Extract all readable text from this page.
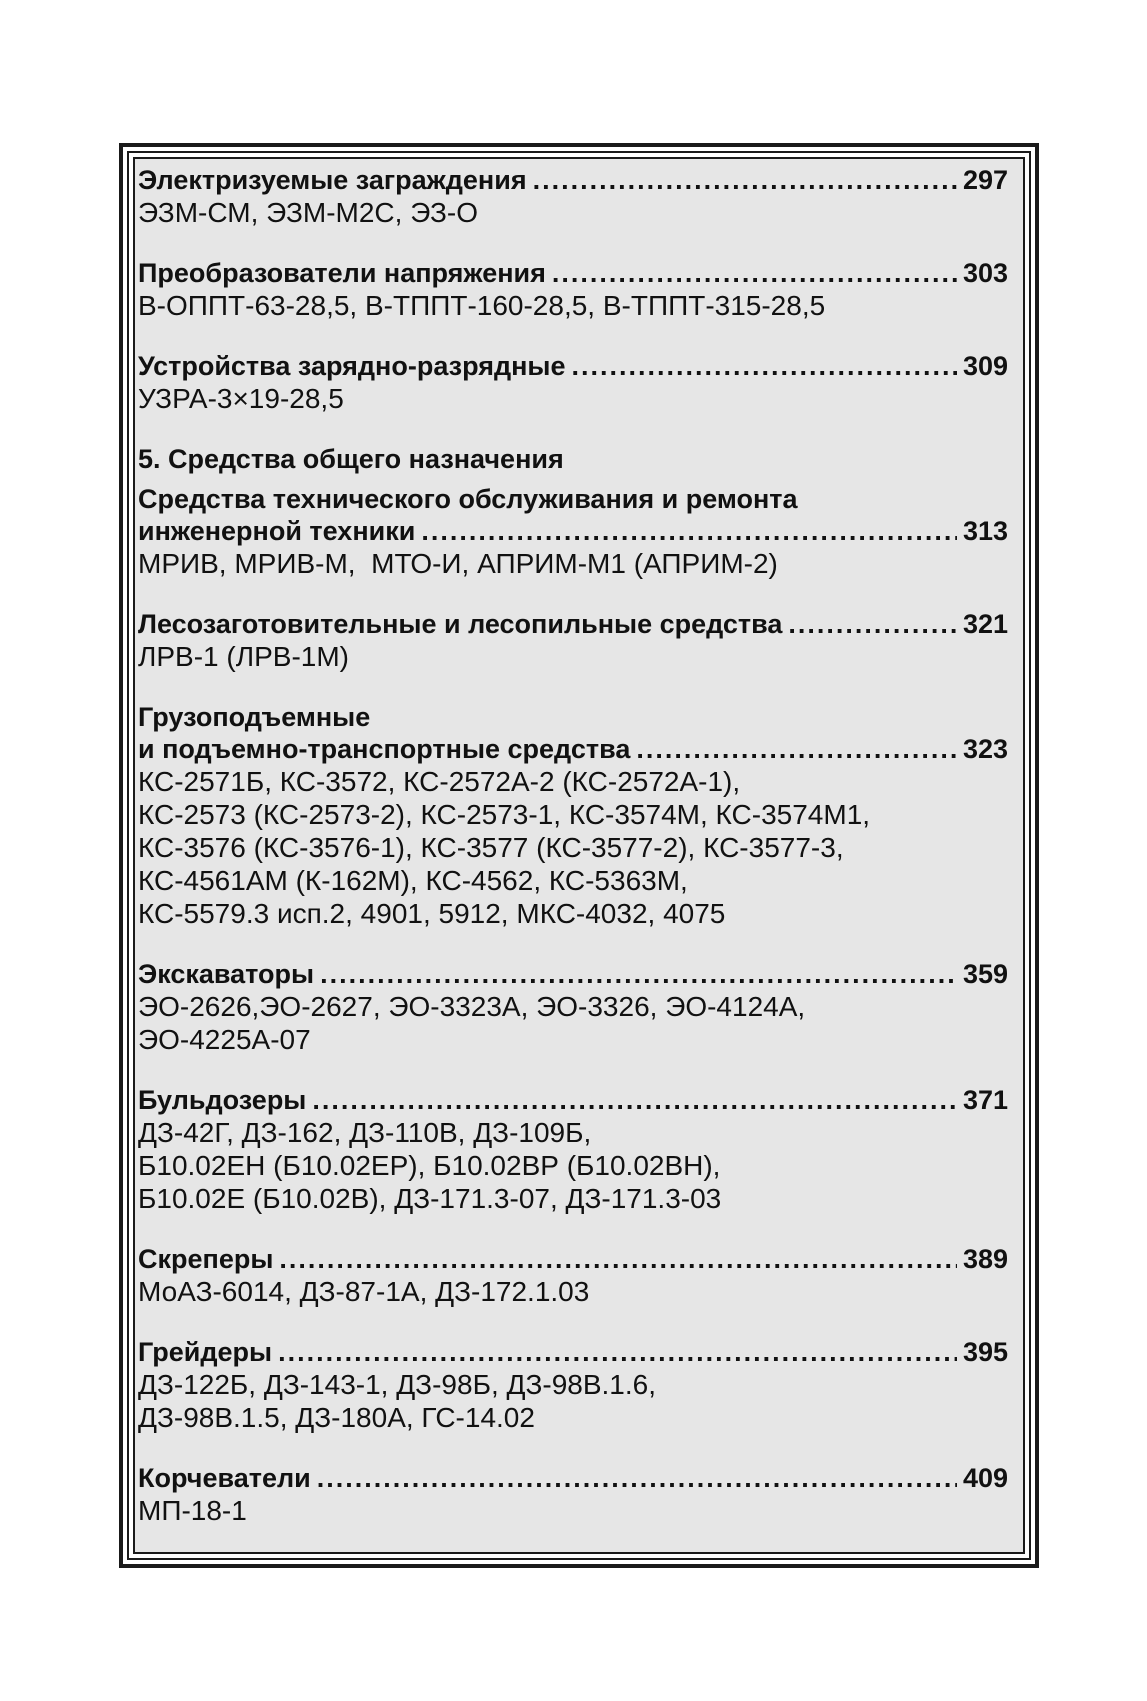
Электризуемые заграждения .....	297
ЭЗМ-СМ, ЭЗМ-М2С, ЭЗ-О
Преобразователи напряжения .....	303
В-ОППТ-63-28,5, В-ТППТ-160-28,5, В-ТППТ-315-28,5
Устройства зарядно-разрядные .....	309
УЗРА-3×19-28,5
5. Средства общего назначения
Средства технического обслуживания и ремонта
инженерной техники .....	313
МРИВ, МРИВ-М,  МТО-И, АПРИМ-М1 (АПРИМ-2)
Лесозаготовительные и лесопильные средства .....	321
ЛРВ-1 (ЛРВ-1М)
Грузоподъемные
и подъемно-транспортные средства .....	323
КС-2571Б, КС-3572, КС-2572А-2 (КС-2572А-1),
КС-2573 (КС-2573-2), КС-2573-1, КС-3574М, КС-3574М1,
КС-3576 (КС-3576-1), КС-3577 (КС-3577-2), КС-3577-3,
КС-4561АМ (К-162М), КС-4562, КС-5363М,
КС-5579.3 исп.2, 4901, 5912, МКС-4032, 4075
Экскаваторы .....	359
ЭО-2626,ЭО-2627, ЭО-3323А, ЭО-3326, ЭО-4124А,
ЭО-4225А-07
Бульдозеры .....	371
ДЗ-42Г, ДЗ-162, ДЗ-110В, ДЗ-109Б,
Б10.02ЕН (Б10.02ЕР), Б10.02ВР (Б10.02ВН),
Б10.02Е (Б10.02В), ДЗ-171.3-07, ДЗ-171.3-03
Скреперы .....	389
МоАЗ-6014, ДЗ-87-1А, ДЗ-172.1.03
Грейдеры .....	395
ДЗ-122Б, ДЗ-143-1, ДЗ-98Б, ДЗ-98В.1.6,
ДЗ-98В.1.5, ДЗ-180А, ГС-14.02
Корчеватели .....	409
МП-18-1
